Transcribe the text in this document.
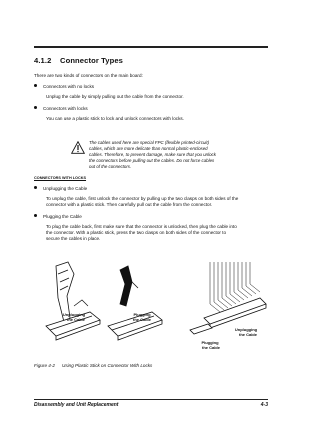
4.1.2 Connector Types
There are two kinds of connectors on the main board:
Connectors with no locks
Unplug the cable by simply pulling out the cable from the connector.
Connectors with locks
You can use a plastic stick to lock and unlock connectors with locks.
The cables used here are special FPC (flexible printed-circuit)
cables, which are more delicate than normal plastic-enclosed
cables. Therefore, to prevent damage, make sure that you unlock
the connectors before pulling out the cables. Do not force cables
out of the connectors.
CONNECTORS WITH LOCKS
Unplugging the Cable
To unplug the cable, first unlock the connector by pulling up the two clasps on both sides of the
connector with a plastic stick. Then carefully pull out the cable from the connector.
Plugging the Cable
To plug the cable back, first make sure that the connector is unlocked, then plug the cable into
the connector. With a plastic stick, press the two clasps on both sides of the connector to
secure the cables in place.
Unplugging
the Cable
Plugging
the Cable
Unplugging
the Cable
Plugging
the Cable
Figure 4-2 Using Plastic Stick on Connector With Locks
Disassembly and Unit Replacement	4-3
